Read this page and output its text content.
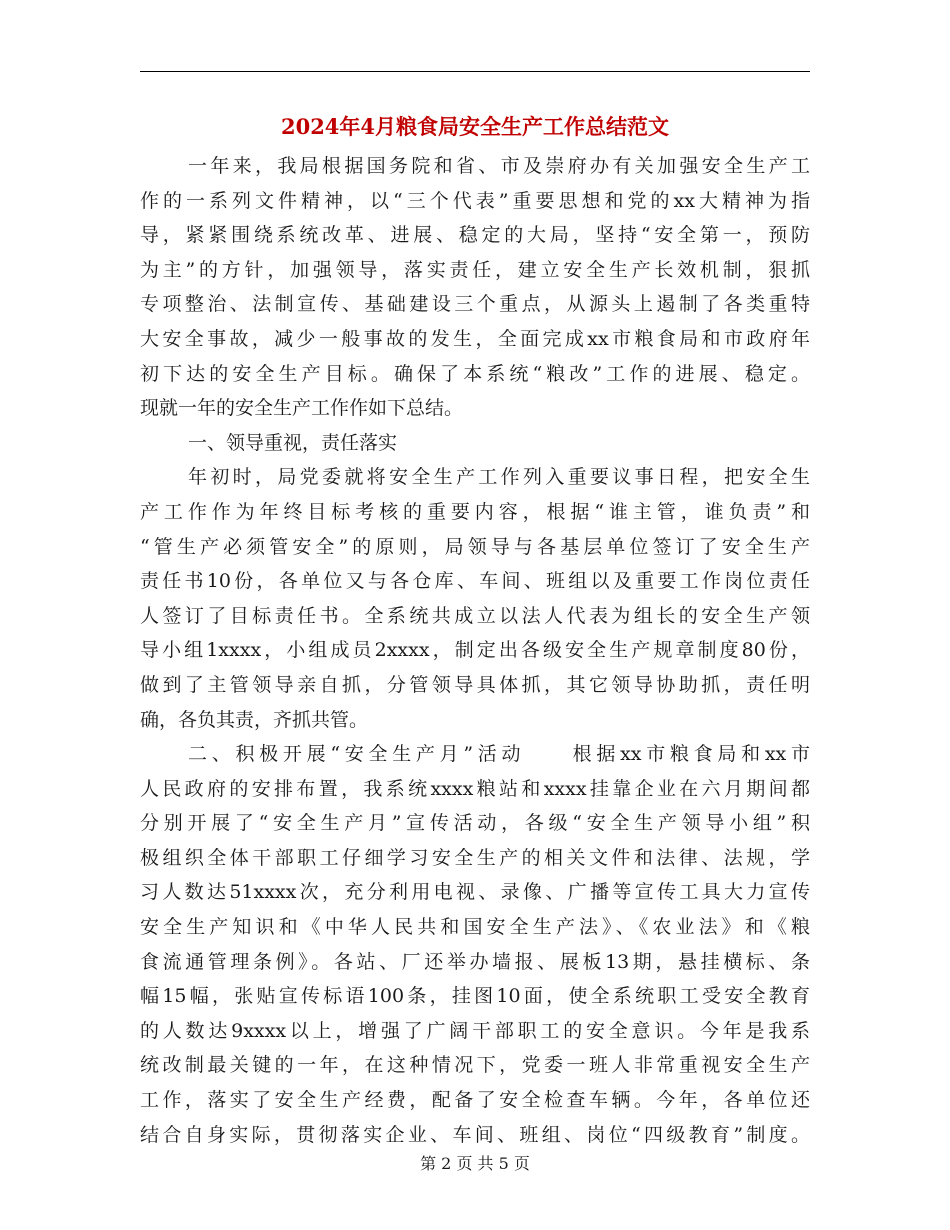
2024年4月粮食局安全生产工作总结范文
一年来，我局根据国务院和省、市及崇府办有关加强安全生产工
作的一系列文件精神，以“三个代表”重要思想和党的xx大精神为指
导，紧紧围绕系统改革、进展、稳定的大局，坚持“安全第一，预防
为主”的方针，加强领导，落实责任，建立安全生产长效机制，狠抓
专项整治、法制宣传、基础建设三个重点，从源头上遏制了各类重特
大安全事故，减少一般事故的发生，全面完成xx市粮食局和市政府年
初下达的安全生产目标。确保了本系统“粮改”工作的进展、稳定。
现就一年的安全生产工作作如下总结。
一、领导重视，责任落实
年初时，局党委就将安全生产工作列入重要议事日程，把安全生
产工作作为年终目标考核的重要内容，根据“谁主管，谁负责”和
“管生产必须管安全”的原则，局领导与各基层单位签订了安全生产
责任书10份，各单位又与各仓库、车间、班组以及重要工作岗位责任
人签订了目标责任书。全系统共成立以法人代表为组长的安全生产领
导小组1xxxx，小组成员2xxxx，制定出各级安全生产规章制度80份，
做到了主管领导亲自抓，分管领导具体抓，其它领导协助抓，责任明
确，各负其责，齐抓共管。
二、积极开展“安全生产月”活动　　根据xx市粮食局和xx市
人民政府的安排布置，我系统xxxx粮站和xxxx挂靠企业在六月期间都
分别开展了“安全生产月”宣传活动，各级“安全生产领导小组”积
极组织全体干部职工仔细学习安全生产的相关文件和法律、法规，学
习人数达51xxxx次，充分利用电视、录像、广播等宣传工具大力宣传
安全生产知识和《中华人民共和国安全生产法》、《农业法》和《粮
食流通管理条例》。各站、厂还举办墙报、展板13期，悬挂横标、条
幅15幅，张贴宣传标语100条，挂图10面，使全系统职工受安全教育
的人数达9xxxx以上，增强了广阔干部职工的安全意识。今年是我系
统改制最关键的一年，在这种情况下，党委一班人非常重视安全生产
工作，落实了安全生产经费，配备了安全检查车辆。今年，各单位还
结合自身实际，贯彻落实企业、车间、班组、岗位“四级教育”制度。
第 2 页 共 5 页
